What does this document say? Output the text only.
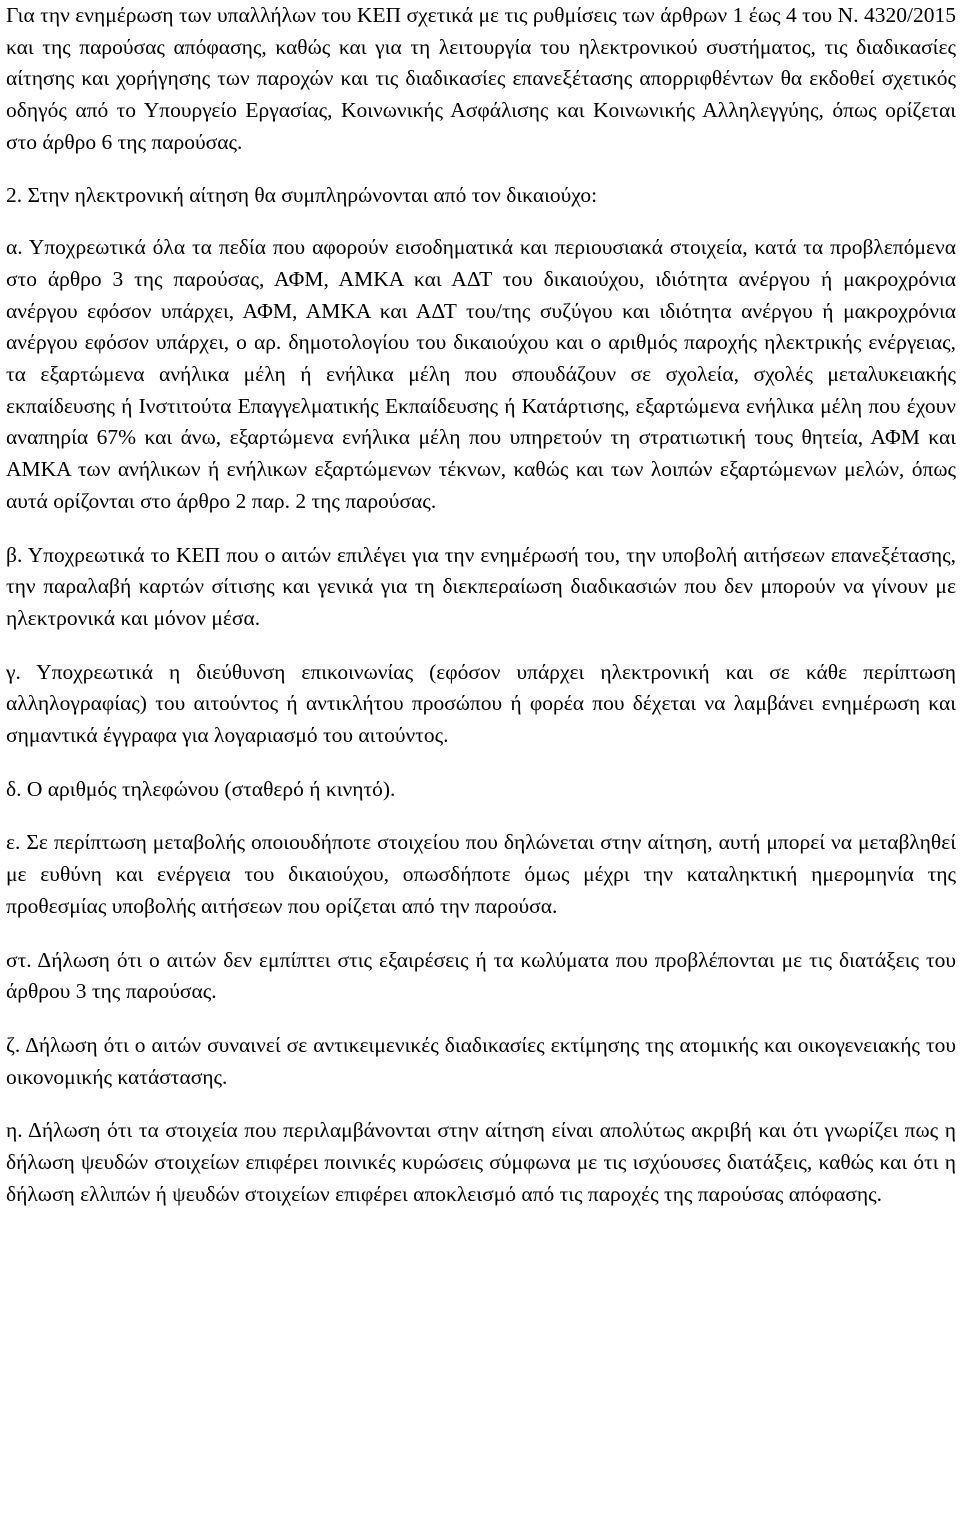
Για την ενημέρωση των υπαλλήλων του ΚΕΠ σχετικά με τις ρυθμίσεις των άρθρων 1 έως 4 του Ν. 4320/2015 και της παρούσας απόφασης, καθώς και για τη λειτουργία του ηλεκτρονικού συστήματος, τις διαδικασίες αίτησης και χορήγησης των παροχών και τις διαδικασίες επανεξέτασης απορριφθέντων θα εκδοθεί σχετικός οδηγός από το Υπουργείο Εργασίας, Κοινωνικής Ασφάλισης και Κοινωνικής Αλληλεγγύης, όπως ορίζεται στο άρθρο 6 της παρούσας.

2. Στην ηλεκτρονική αίτηση θα συμπληρώνονται από τον δικαιούχο:

α. Υποχρεωτικά όλα τα πεδία που αφορούν εισοδηματικά και περιουσιακά στοιχεία, κατά τα προβλεπόμενα στο άρθρο 3 της παρούσας, ΑΦΜ, ΑΜΚΑ και ΑΔΤ του δικαιούχου, ιδιότητα ανέργου ή μακροχρόνια ανέργου εφόσον υπάρχει, ΑΦΜ, ΑΜΚΑ και ΑΔΤ του/της συζύγου και ιδιότητα ανέργου ή μακροχρόνια ανέργου εφόσον υπάρχει, ο αρ. δημοτολογίου του δικαιούχου και ο αριθμός παροχής ηλεκτρικής ενέργειας, τα εξαρτώμενα ανήλικα μέλη ή ενήλικα μέλη που σπουδάζουν σε σχολεία, σχολές μεταλυκειακής εκπαίδευσης ή Ινστιτούτα Επαγγελματικής Εκπαίδευσης ή Κατάρτισης, εξαρτώμενα ενήλικα μέλη που έχουν αναπηρία 67% και άνω, εξαρτώμενα ενήλικα μέλη που υπηρετούν τη στρατιωτική τους θητεία, ΑΦΜ και ΑΜΚΑ των ανήλικων ή ενήλικων εξαρτώμενων τέκνων, καθώς και των λοιπών εξαρτώμενων μελών, όπως αυτά ορίζονται στο άρθρο 2 παρ. 2 της παρούσας.

β. Υποχρεωτικά το ΚΕΠ που ο αιτών επιλέγει για την ενημέρωσή του, την υποβολή αιτήσεων επανεξέτασης, την παραλαβή καρτών σίτισης και γενικά για τη διεκπεραίωση διαδικασιών που δεν μπορούν να γίνουν με ηλεκτρονικά και μόνον μέσα.

γ. Υποχρεωτικά η διεύθυνση επικοινωνίας (εφόσον υπάρχει ηλεκτρονική και σε κάθε περίπτωση αλληλογραφίας) του αιτούντος ή αντικλήτου προσώπου ή φορέα που δέχεται να λαμβάνει ενημέρωση και σημαντικά έγγραφα για λογαριασμό του αιτούντος.

δ. Ο αριθμός τηλεφώνου (σταθερό ή κινητό).

ε. Σε περίπτωση μεταβολής οποιουδήποτε στοιχείου που δηλώνεται στην αίτηση, αυτή μπορεί να μεταβληθεί με ευθύνη και ενέργεια του δικαιούχου, οπωσδήποτε όμως μέχρι την καταληκτική ημερομηνία της προθεσμίας υποβολής αιτήσεων που ορίζεται από την παρούσα.

στ. Δήλωση ότι ο αιτών δεν εμπίπτει στις εξαιρέσεις ή τα κωλύματα που προβλέπονται με τις διατάξεις του άρθρου 3 της παρούσας.

ζ. Δήλωση ότι ο αιτών συναινεί σε αντικειμενικές διαδικασίες εκτίμησης της ατομικής και οικογενειακής του οικονομικής κατάστασης.

η. Δήλωση ότι τα στοιχεία που περιλαμβάνονται στην αίτηση είναι απολύτως ακριβή και ότι γνωρίζει πως η δήλωση ψευδών στοιχείων επιφέρει ποινικές κυρώσεις σύμφωνα με τις ισχύουσες διατάξεις, καθώς και ότι η δήλωση ελλιπών ή ψευδών στοιχείων επιφέρει αποκλεισμό από τις παροχές της παρούσας απόφασης.
